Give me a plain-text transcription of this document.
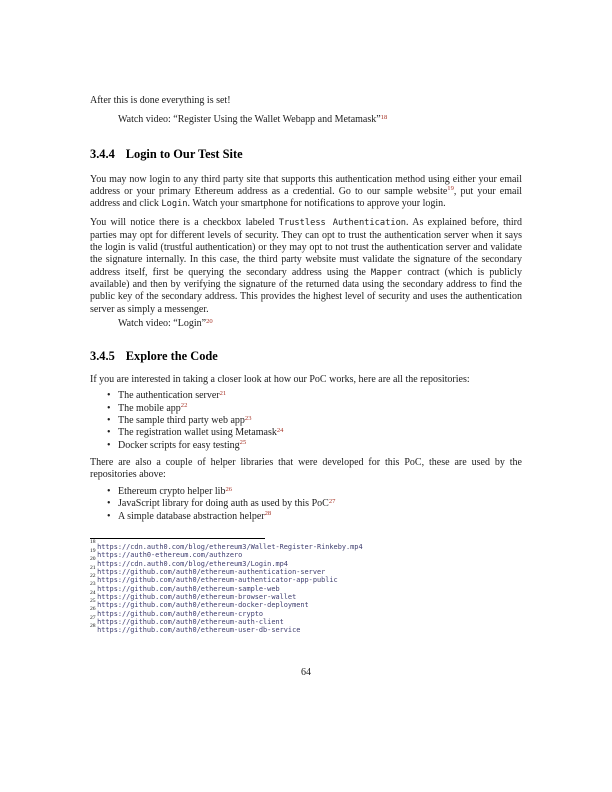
After this is done everything is set!

Watch video: “Register Using the Wallet Webapp and Metamask”$^{18}$

3.4.4 Login to Our Test Site

You may now login to any third party site that supports this authentication method using either your email address or your primary Ethereum address as a credential. Go to our sample website$^{19}$, put your email address and click Login. Watch your smartphone for notifications to approve your login.

You will notice there is a checkbox labeled Trustless Authentication. As explained before, third parties may opt for different levels of security. They can opt to trust the authentication server when it says the login is valid (trustful authentication) or they may opt to not trust the authentication server and validate the signature internally. In this case, the third party website must validate the signature of the secondary address itself, first be querying the secondary address using the Mapper contract (which is publicly available) and then by verifying the signature of the returned data using the secondary address to find the public key of the secondary address. This provides the highest level of security and uses the authentication server as simply a messenger.

Watch video: “Login”$^{20}$

3.4.5 Explore the Code

If you are interested in taking a closer look at how our PoC works, here are all the repositories:

• The authentication server$^{21}$
• The mobile app$^{22}$
• The sample third party web app$^{23}$
• The registration wallet using Metamask$^{24}$
• Docker scripts for easy testing$^{25}$

There are also a couple of helper libraries that were developed for this PoC, these are used by the repositories above:

• Ethereum crypto helper lib$^{26}$
• JavaScript library for doing auth as used by this PoC$^{27}$
• A simple database abstraction helper$^{28}$
$^{18}$https://cdn.auth0.com/blog/ethereum3/Wallet-Register-Rinkeby.mp4
$^{19}$https://auth0-ethereum.com/authzero
$^{20}$https://cdn.auth0.com/blog/ethereum3/Login.mp4
$^{21}$https://github.com/auth0/ethereum-authentication-server
$^{22}$https://github.com/auth0/ethereum-authenticator-app-public
$^{23}$https://github.com/auth0/ethereum-sample-web
$^{24}$https://github.com/auth0/ethereum-browser-wallet
$^{25}$https://github.com/auth0/ethereum-docker-deployment
$^{26}$https://github.com/auth0/ethereum-crypto
$^{27}$https://github.com/auth0/ethereum-auth-client
$^{28}$https://github.com/auth0/ethereum-user-db-service
64
